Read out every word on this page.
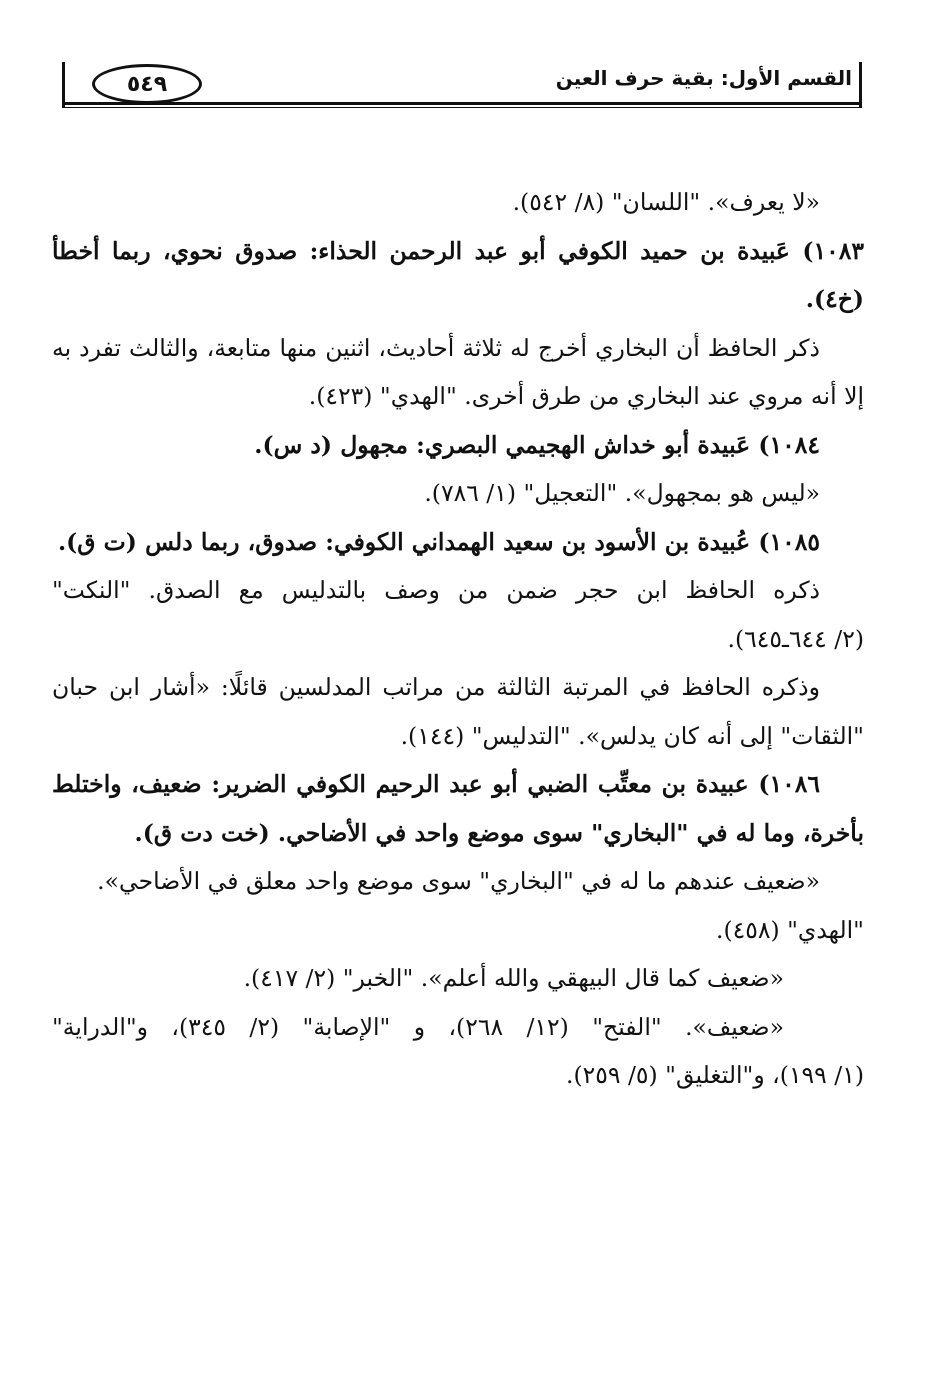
٥٤٩	القسم الأول: بقية حرف العين
«لا يعرف». "اللسان" (٨/ ٥٤٢).
١٠٨٣) عَبيدة بن حميد الكوفي أبو عبد الرحمن الحذاء: صدوق نحوي، ربما أخطأ
(خ٤).
ذكر الحافظ أن البخاري أخرج له ثلاثة أحاديث، اثنين منها متابعة، والثالث تفرد به
إلا أنه مروي عند البخاري من طرق أخرى. "الهدي" (٤٢٣).
١٠٨٤) عَبيدة أبو خداش الهجيمي البصري: مجهول (د س).
«ليس هو بمجهول». "التعجيل" (١/ ٧٨٦).
١٠٨٥) عُبيدة بن الأسود بن سعيد الهمداني الكوفي: صدوق، ربما دلس (ت ق).
ذكره الحافظ ابن حجر ضمن من وصف بالتدليس مع الصدق. "النكت"
(٢/ ٦٤٤ـ٦٤٥).
وذكره الحافظ في المرتبة الثالثة من مراتب المدلسين قائلًا: «أشار ابن حبان
"الثقات" إلى أنه كان يدلس». "التدليس" (١٤٤).
١٠٨٦) عبيدة بن معتِّب الضبي أبو عبد الرحيم الكوفي الضرير: ضعيف، واختلط
بأخرة، وما له في "البخاري" سوى موضع واحد في الأضاحي. (خت دت ق).
«ضعيف عندهم ما له في "البخاري" سوى موضع واحد معلق في الأضاحي».
"الهدي" (٤٥٨).
«ضعيف كما قال البيهقي والله أعلم». "الخبر" (٢/ ٤١٧).
«ضعيف». "الفتح" (١٢/ ٢٦٨)، و "الإصابة" (٢/ ٣٤٥)، و"الدراية"
(١/ ١٩٩)، و"التغليق" (٥/ ٢٥٩).
